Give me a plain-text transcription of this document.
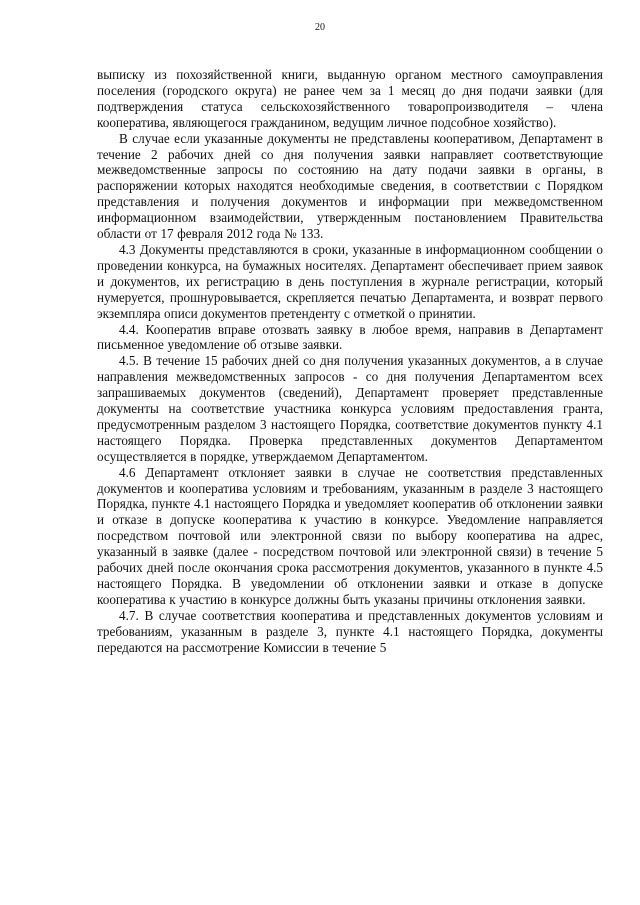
20

выписку из похозяйственной книги, выданную органом местного самоуправления поселения (городского округа) не ранее чем за 1 месяц до дня подачи заявки (для подтверждения статуса сельскохозяйственного товаропроизводителя – члена кооператива, являющегося гражданином, ведущим личное подсобное хозяйство).

В случае если указанные документы не представлены кооперативом, Департамент в течение 2 рабочих дней со дня получения заявки направляет соответствующие межведомственные запросы по состоянию на дату подачи заявки в органы, в распоряжении которых находятся необходимые сведения, в соответствии с Порядком представления и получения документов и информации при межведомственном информационном взаимодействии, утвержденным постановлением Правительства области от 17 февраля 2012 года № 133.

4.3 Документы представляются в сроки, указанные в информационном сообщении о проведении конкурса, на бумажных носителях. Департамент обеспечивает прием заявок и документов, их регистрацию в день поступления в журнале регистрации, который нумеруется, прошнуровывается, скрепляется печатью Департамента, и возврат первого экземпляра описи документов претенденту с отметкой о принятии.

4.4. Кооператив вправе отозвать заявку в любое время, направив в Департамент письменное уведомление об отзыве заявки.

4.5. В течение 15 рабочих дней со дня получения указанных документов, а в случае направления межведомственных запросов - со дня получения Департаментом всех запрашиваемых документов (сведений), Департамент проверяет представленные документы на соответствие участника конкурса условиям предоставления гранта, предусмотренным разделом 3 настоящего Порядка, соответствие документов пункту 4.1 настоящего Порядка. Проверка представленных документов Департаментом осуществляется в порядке, утверждаемом Департаментом.

4.6 Департамент отклоняет заявки в случае не соответствия представленных документов и кооператива условиям и требованиям, указанным в разделе 3 настоящего Порядка, пункте 4.1 настоящего Порядка и уведомляет кооператив об отклонении заявки и отказе в допуске кооператива к участию в конкурсе. Уведомление направляется посредством почтовой или электронной связи по выбору кооператива на адрес, указанный в заявке (далее - посредством почтовой или электронной связи) в течение 5 рабочих дней после окончания срока рассмотрения документов, указанного в пункте 4.5 настоящего Порядка. В уведомлении об отклонении заявки и отказе в допуске кооператива к участию в конкурсе должны быть указаны причины отклонения заявки.

4.7. В случае соответствия кооператива и представленных документов условиям и требованиям, указанным в разделе 3, пункте 4.1 настоящего Порядка, документы передаются на рассмотрение Комиссии в течение 5
